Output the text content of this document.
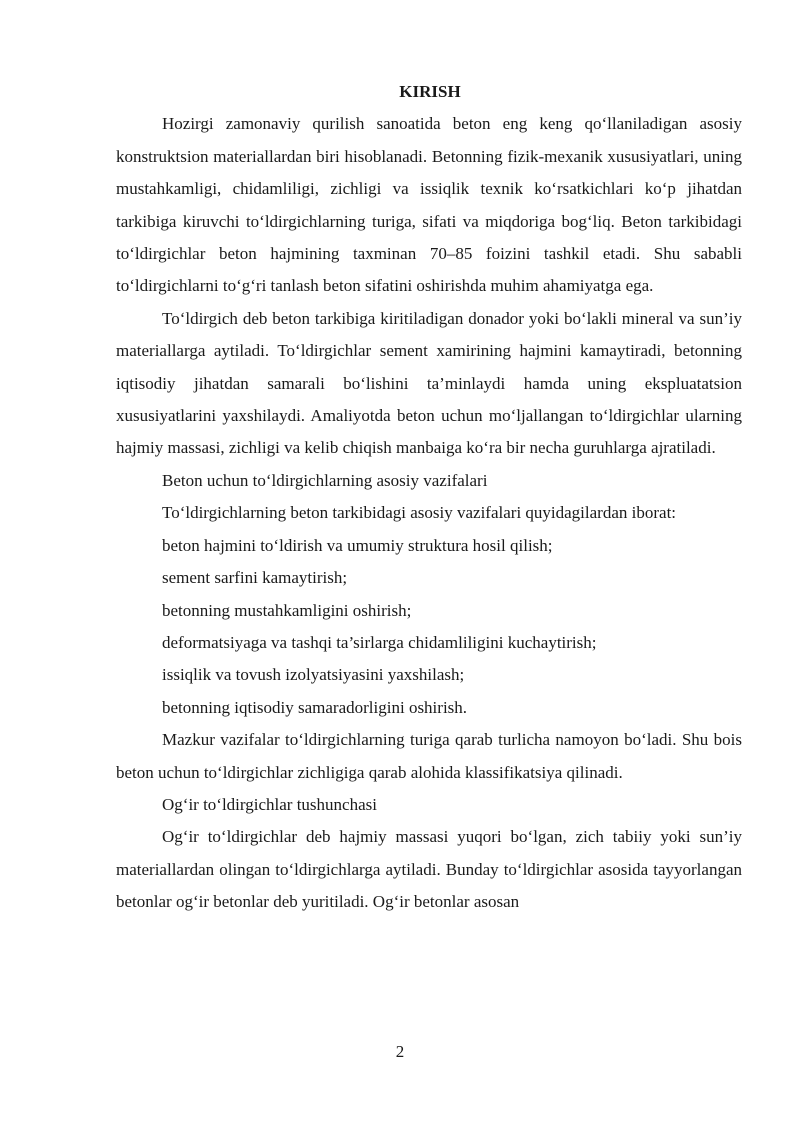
KIRISH

Hozirgi zamonaviy qurilish sanoatida beton eng keng qo‘llaniladigan asosiy konstruktsion materiallardan biri hisoblanadi. Betonning fizik-mexanik xususiyatlari, uning mustahkamligi, chidamliligi, zichligi va issiqlik texnik ko‘rsatkichlari ko‘p jihatdan tarkibiga kiruvchi to‘ldirgichlarning turiga, sifati va miqdoriga bog‘liq. Beton tarkibidagi to‘ldirgichlar beton hajmining taxminan 70–85 foizini tashkil etadi. Shu sababli to‘ldirgichlarni to‘g‘ri tanlash beton sifatini oshirishda muhim ahamiyatga ega.

To‘ldirgich deb beton tarkibiga kiritiladigan donador yoki bo‘lakli mineral va sun’iy materiallarga aytiladi. To‘ldirgichlar sement xamirining hajmini kamaytiradi, betonning iqtisodiy jihatdan samarali bo‘lishini ta’minlaydi hamda uning ekspluatatsion xususiyatlarini yaxshilaydi. Amaliyotda beton uchun mo‘ljallangan to‘ldirgichlar ularning hajmiy massasi, zichligi va kelib chiqish manbaiga ko‘ra bir necha guruhlarga ajratiladi.

Beton uchun to‘ldirgichlarning asosiy vazifalari

To‘ldirgichlarning beton tarkibidagi asosiy vazifalari quyidagilardan iborat:

beton hajmini to‘ldirish va umumiy struktura hosil qilish;

sement sarfini kamaytirish;

betonning mustahkamligini oshirish;

deformatsiyaga va tashqi ta’sirlarga chidamliligini kuchaytirish;

issiqlik va tovush izolyatsiyasini yaxshilash;

betonning iqtisodiy samaradorligini oshirish.

Mazkur vazifalar to‘ldirgichlarning turiga qarab turlicha namoyon bo‘ladi. Shu bois beton uchun to‘ldirgichlar zichligiga qarab alohida klassifikatsiya qilinadi.

Og‘ir to‘ldirgichlar tushunchasi

Og‘ir to‘ldirgichlar deb hajmiy massasi yuqori bo‘lgan, zich tabiiy yoki sun’iy materiallardan olingan to‘ldirgichlarga aytiladi. Bunday to‘ldirgichlar asosida tayyorlangan betonlar og‘ir betonlar deb yuritiladi. Og‘ir betonlar asosan

2
